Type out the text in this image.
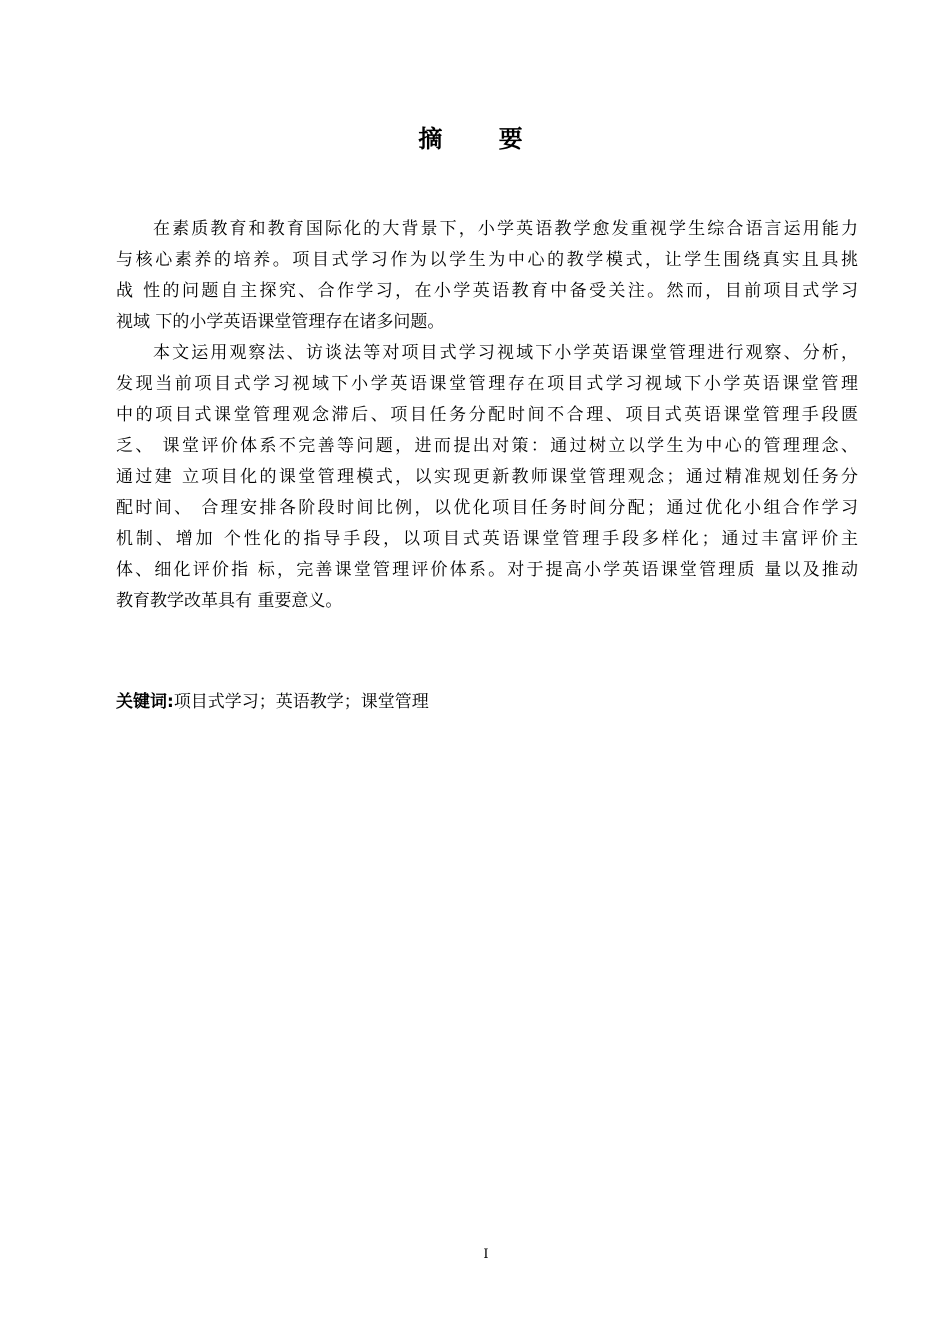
摘 要

在素质教育和教育国际化的大背景下，小学英语教学愈发重视学生综合语言运用能力
与核心素养的培养。项目式学习作为以学生为中心的教学模式，让学生围绕真实且具挑
战 性的问题自主探究、合作学习，在小学英语教育中备受关注。然而，目前项目式学习
视域 下的小学英语课堂管理存在诸多问题。

本文运用观察法、访谈法等对项目式学习视域下小学英语课堂管理进行观察、分析，
发现当前项目式学习视域下小学英语课堂管理存在项目式学习视域下小学英语课堂管理
中的项目式课堂管理观念滞后、项目任务分配时间不合理、项目式英语课堂管理手段匮
乏、 课堂评价体系不完善等问题，进而提出对策：通过树立以学生为中心的管理理念、
通过建 立项目化的课堂管理模式，以实现更新教师课堂管理观念；通过精准规划任务分
配时间、 合理安排各阶段时间比例，以优化项目任务时间分配；通过优化小组合作学习
机制、增加 个性化的指导手段，以项目式英语课堂管理手段多样化；通过丰富评价主
体、细化评价指 标，完善课堂管理评价体系。对于提高小学英语课堂管理质 量以及推动
教育教学改革具有 重要意义。

关键词:项目式学习；英语教学；课堂管理
I
